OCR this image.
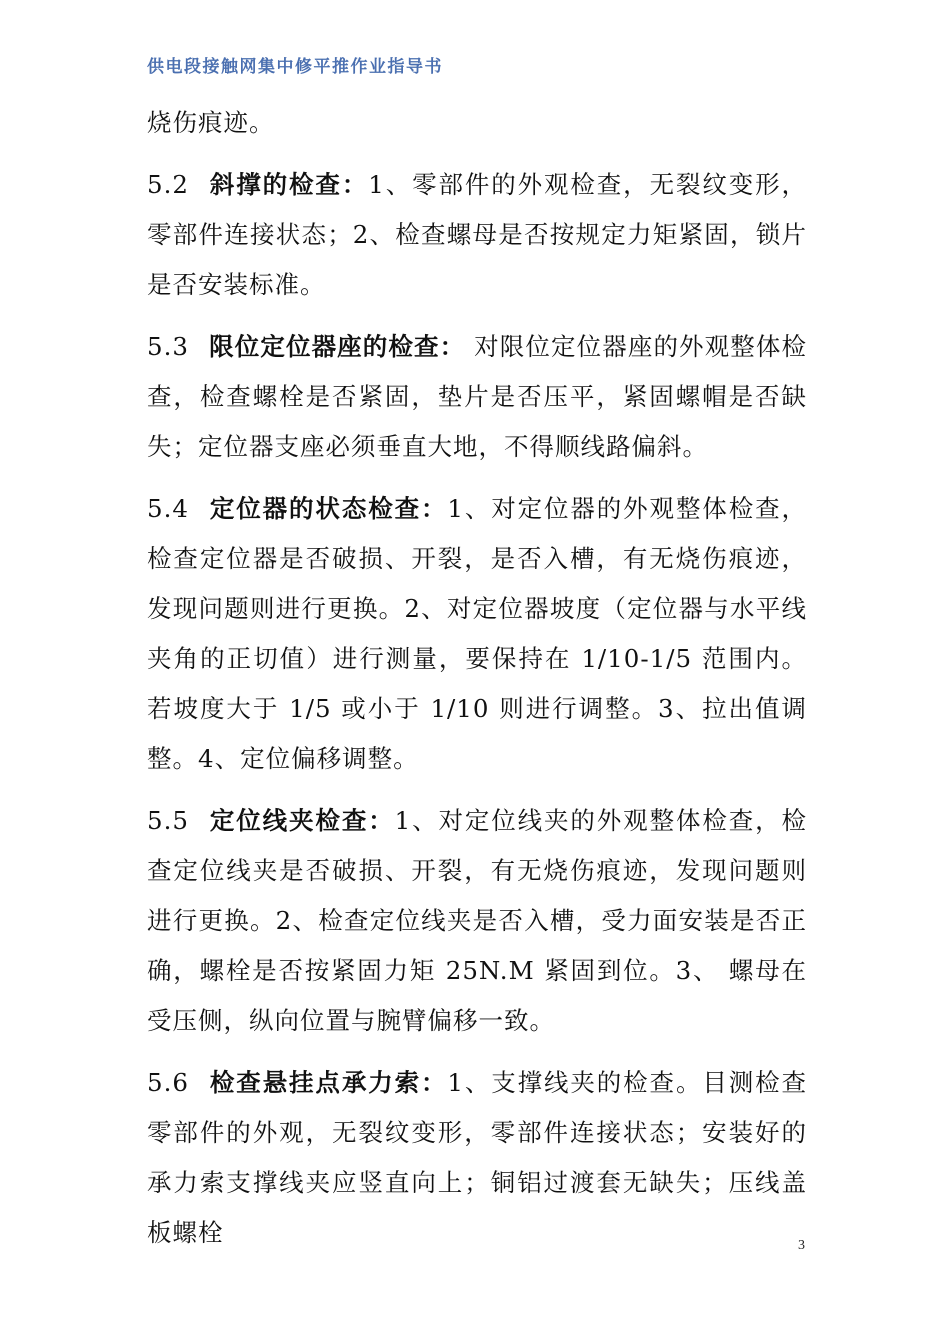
供电段接触网集中修平推作业指导书

烧伤痕迹。

5.2 斜撑的检查：1、零部件的外观检查，无裂纹变形，零部件连接状态；2、检查螺母是否按规定力矩紧固，锁片是否安装标准。

5.3 限位定位器座的检查： 对限位定位器座的外观整体检查，检查螺栓是否紧固，垫片是否压平，紧固螺帽是否缺失；定位器支座必须垂直大地，不得顺线路偏斜。

5.4 定位器的状态检查：1、对定位器的外观整体检查，检查定位器是否破损、开裂，是否入槽，有无烧伤痕迹，发现问题则进行更换。2、对定位器坡度（定位器与水平线夹角的正切值）进行测量，要保持在 1/10-1/5 范围内。若坡度大于 1/5 或小于 1/10 则进行调整。3、拉出值调整。4、定位偏移调整。

5.5 定位线夹检查：1、对定位线夹的外观整体检查，检查定位线夹是否破损、开裂，有无烧伤痕迹，发现问题则进行更换。2、检查定位线夹是否入槽，受力面安装是否正确，螺栓是否按紧固力矩 25N.M 紧固到位。3、 螺母在受压侧，纵向位置与腕臂偏移一致。

5.6 检查悬挂点承力索：1、支撑线夹的检查。目测检查零部件的外观，无裂纹变形，零部件连接状态；安装好的承力索支撑线夹应竖直向上；铜铝过渡套无缺失；压线盖板螺栓	3
